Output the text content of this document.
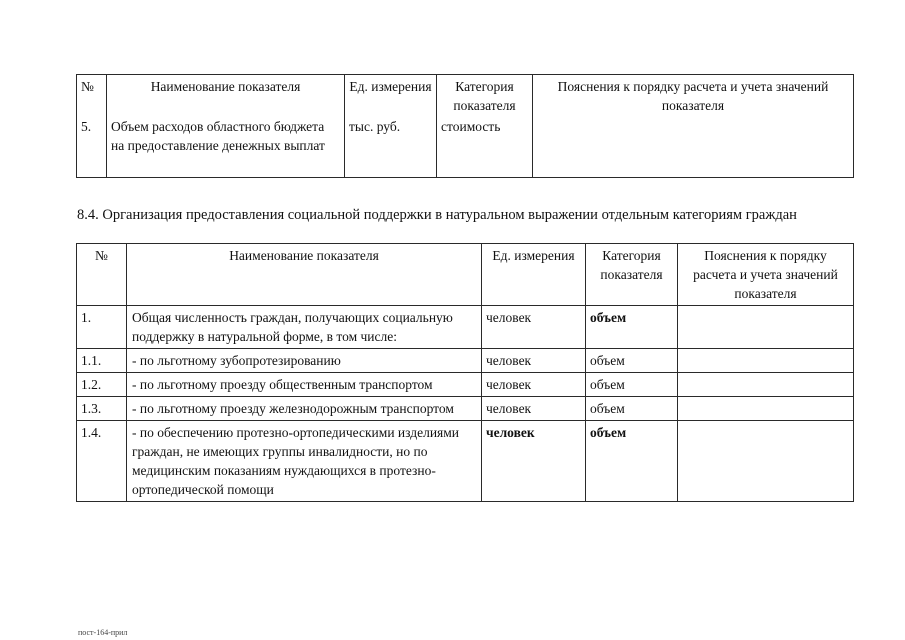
№	Наименование показателя	Ед. измерения	Категория показателя	Пояснения к порядку расчета и учета значений показателя
5.	Объем расходов областного бюджета на предоставление денежных выплат	тыс. руб.	стоимость	

8.4. Организация предоставления социальной поддержки в натуральном выражении отдельным категориям граждан

№	Наименование показателя	Ед. измерения	Категория показателя	Пояснения к порядку расчета и учета значений показателя
1.	Общая численность граждан, получающих социальную поддержку в натуральной форме, в том числе:	человек	объем	
1.1.	- по льготному зубопротезированию	человек	объем	
1.2.	- по льготному проезду общественным транспортом	человек	объем	
1.3.	- по льготному проезду железнодорожным транспортом	человек	объем	
1.4.	- по обеспечению протезно-ортопедическими изделиями граждан, не имеющих группы инвалидности, но по медицинским показаниям нуждающихся в протезно-ортопедической помощи	человек	объем	
пост-164-прил
